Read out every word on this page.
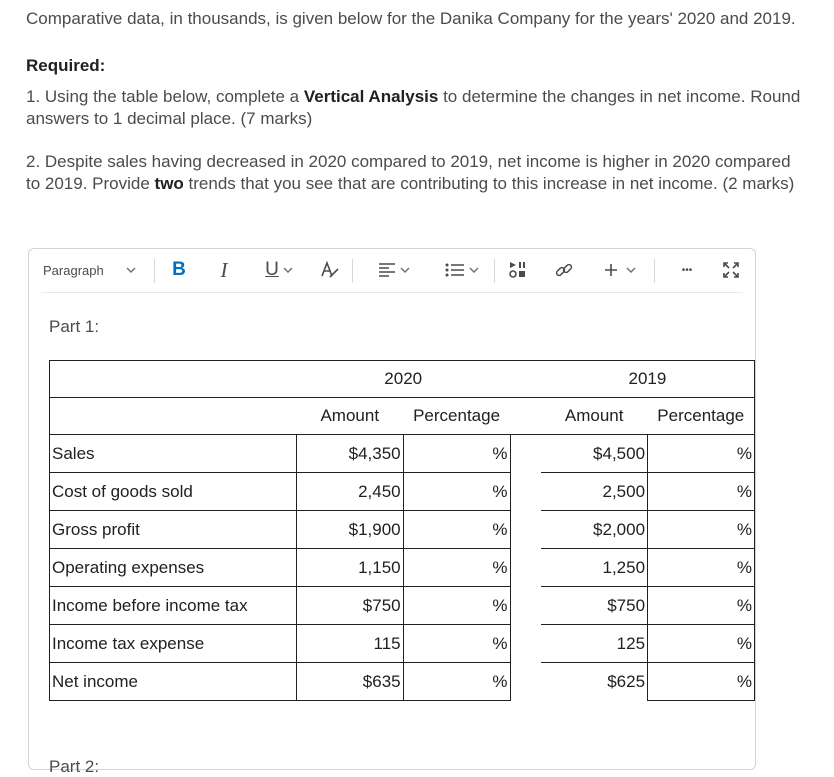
Comparative data, in thousands, is given below for the Danika Company for the years' 2020 and 2019.
Required:
1. Using the table below, complete a Vertical Analysis to determine the changes in net income. Round answers to 1 decimal place. (7 marks)
2. Despite sales having decreased in 2020 compared to 2019, net income is higher in 2020 compared to 2019. Provide two trends that you see that are contributing to this increase in net income. (2 marks)
Paragraph	B	I	U	•••
Part 1:
	2020			2019	
	Amount	Percentage		Amount	Percentage
Sales	$4,350	%		$4,500	%
Cost of goods sold	2,450	%		2,500	%
Gross profit	$1,900	%		$2,000	%
Operating expenses	1,150	%		1,250	%
Income before income tax	$750	%		$750	%
Income tax expense	115	%		125	%
Net income	$635	%		$625	%
Part 2:
